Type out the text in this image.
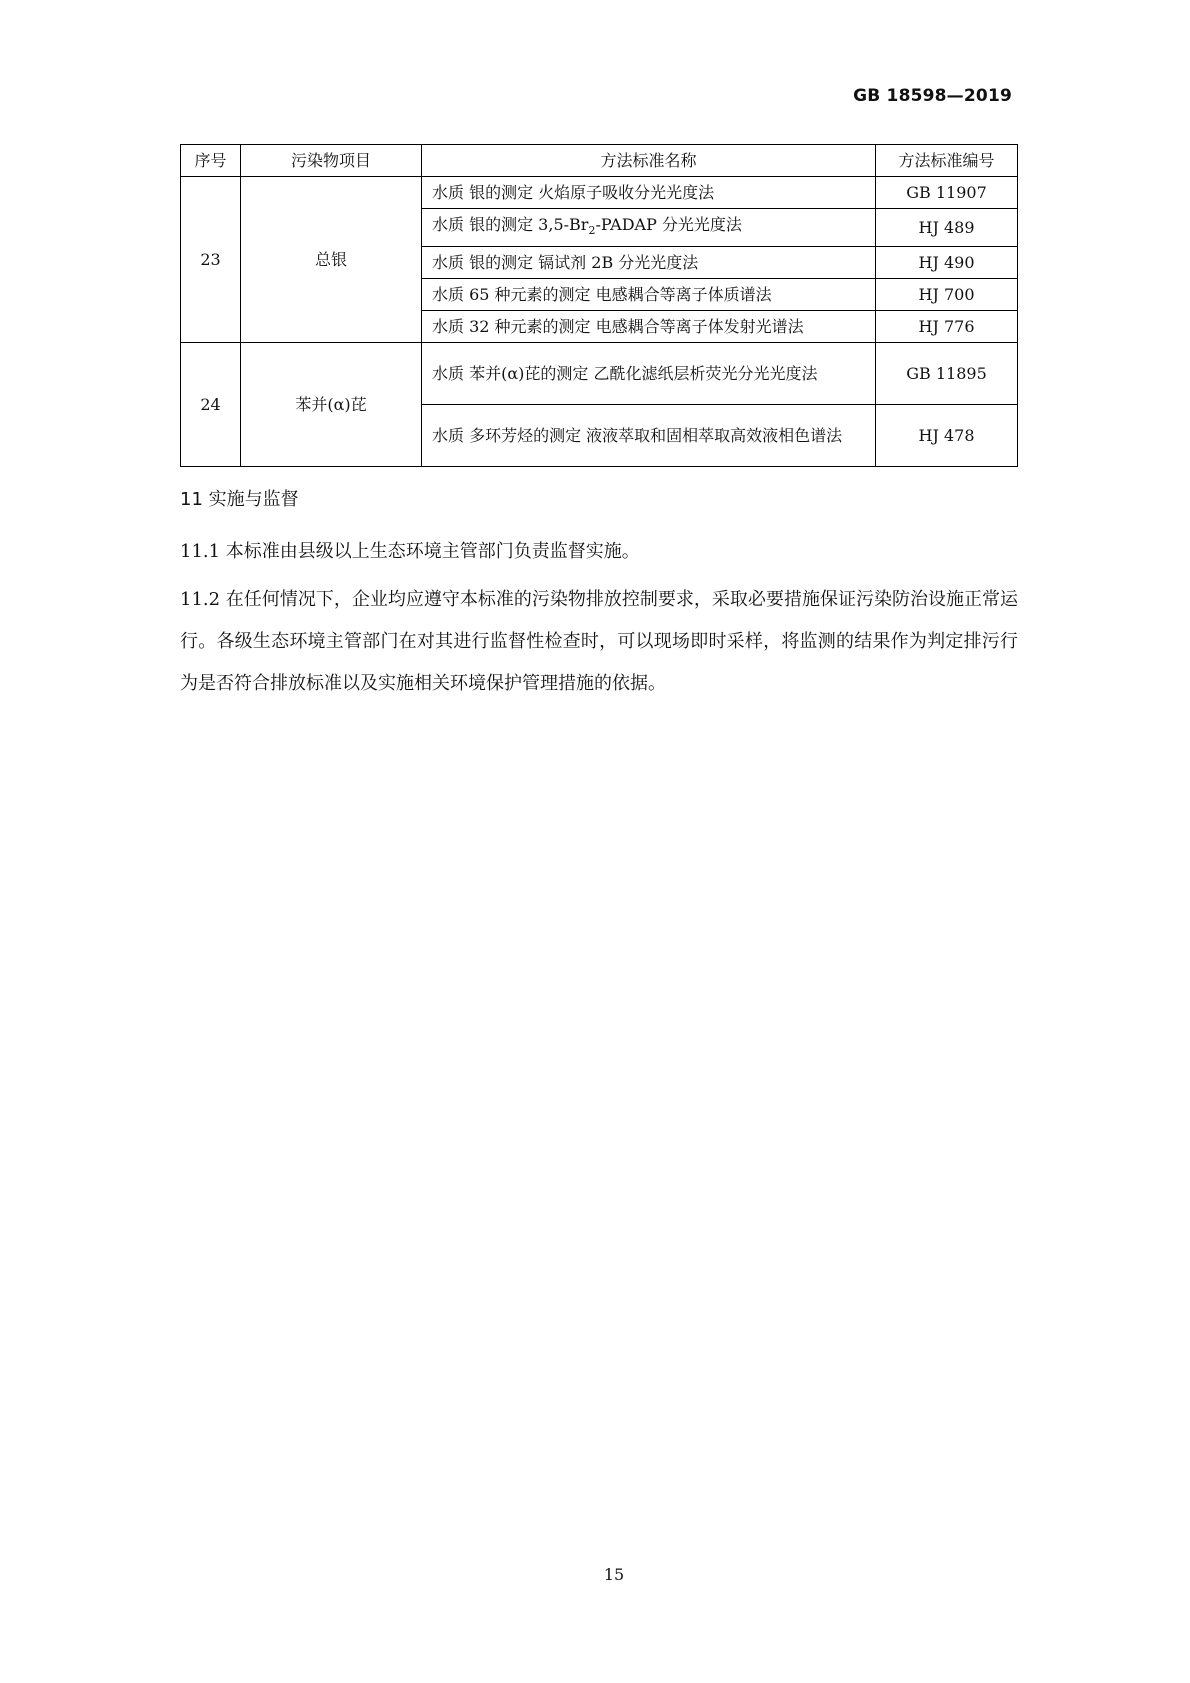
GB 18598—2019
序号	污染物项目	方法标准名称	方法标准编号
23	总银	水质 银的测定 火焰原子吸收分光光度法	GB 11907
		水质 银的测定 $3,5-Br_2$-PADAP 分光光度法	HJ 489
		水质 银的测定 镉试剂 2B 分光光度法	HJ 490
		水质 65 种元素的测定 电感耦合等离子体质谱法	HJ 700
		水质 32 种元素的测定 电感耦合等离子体发射光谱法	HJ 776
24	苯并(α)芘	水质 苯并(α)芘的测定 乙酰化滤纸层析荧光分光光度法	GB 11895
		水质 多环芳烃的测定 液液萃取和固相萃取高效液相色谱法	HJ 478
11 实施与监督
11.1 本标准由县级以上生态环境主管部门负责监督实施。
11.2 在任何情况下，企业均应遵守本标准的污染物排放控制要求，采取必要措施保证污染防治设施正常运行。各级生态环境主管部门在对其进行监督性检查时，可以现场即时采样，将监测的结果作为判定排污行为是否符合排放标准以及实施相关环境保护管理措施的依据。
15
